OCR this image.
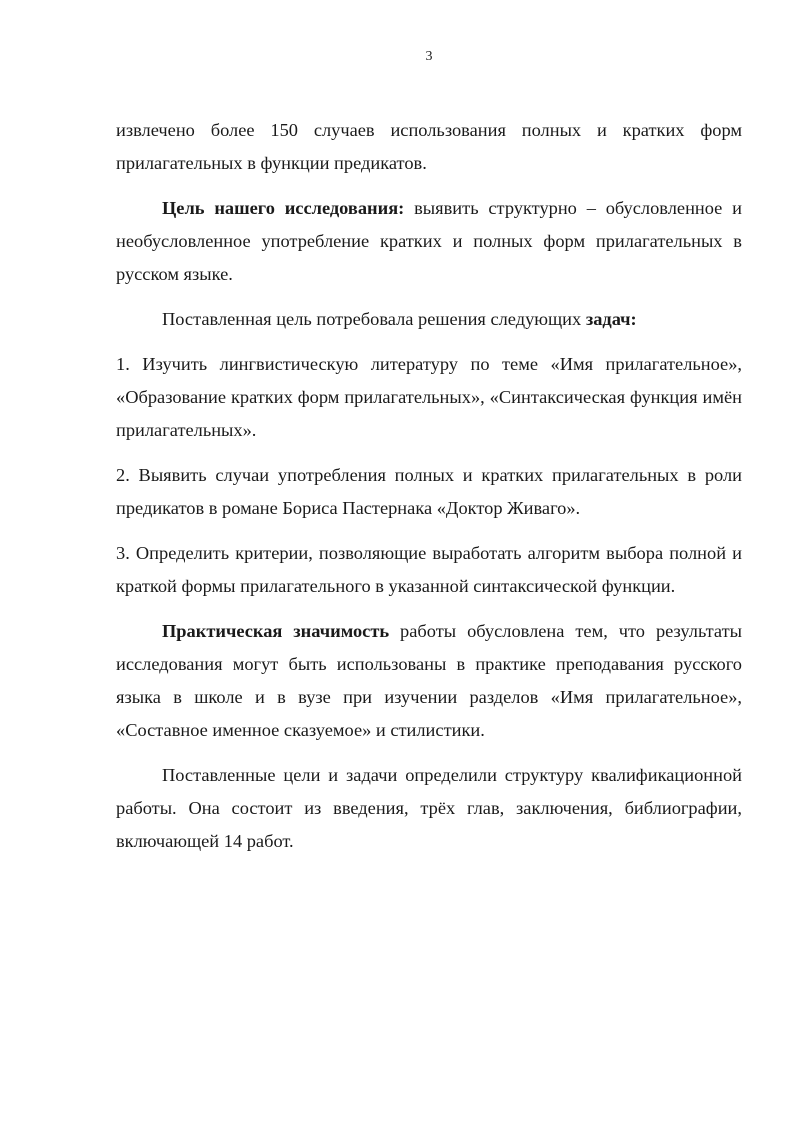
3

извлечено более 150 случаев использования полных и кратких форм прилагательных в функции предикатов.

Цель нашего исследования: выявить структурно – обусловленное и необусловленное употребление кратких и полных форм прилагательных в русском языке.

Поставленная цель потребовала решения следующих задач:

1. Изучить лингвистическую литературу по теме «Имя прилагательное», «Образование кратких форм прилагательных», «Синтаксическая функция имён прилагательных».

2. Выявить случаи употребления полных и кратких прилагательных в роли предикатов в романе Бориса Пастернака «Доктор Живаго».

3. Определить критерии, позволяющие выработать алгоритм выбора полной и краткой формы прилагательного в указанной синтаксической функции.

Практическая значимость работы обусловлена тем, что результаты исследования могут быть использованы в практике преподавания русского языка в школе и в вузе при изучении разделов «Имя прилагательное», «Составное именное сказуемое» и стилистики.

Поставленные цели и задачи определили структуру квалификационной работы. Она состоит из введения, трёх глав, заключения, библиографии, включающей 14 работ.
